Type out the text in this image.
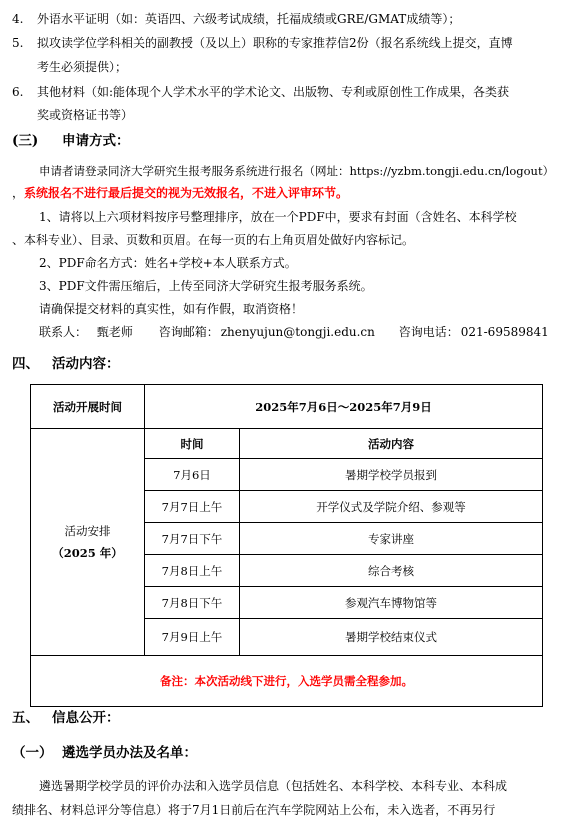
4. 外语水平证明（如：英语四、六级考试成绩，托福成绩或GRE/GMAT成绩等）；
5. 拟攻读学位学科相关的副教授（及以上）职称的专家推荐信2份（报名系统线上提交，直博
考生必须提供）；
6. 其他材料（如:能体现个人学术水平的学术论文、出版物、专利或原创性工作成果，各类获
奖或资格证书等）
(三) 申请方式：
申请者请登录同济大学研究生报考服务系统进行报名（网址：https://yzbm.tongji.edu.cn/logout）
，系统报名不进行最后提交的视为无效报名，不进入评审环节。
1、请将以上六项材料按序号整理排序，放在一个PDF中，要求有封面（含姓名、本科学校
、本科专业）、目录、页数和页眉。在每一页的右上角页眉处做好内容标记。
2、PDF命名方式：姓名+学校+本人联系方式。
3、PDF文件需压缩后，上传至同济大学研究生报考服务系统。
请确保提交材料的真实性，如有作假，取消资格！
联系人： 甄老师 咨询邮箱： zhenyujun@tongji.edu.cn 咨询电话： 021-69589841
四、 活动内容：
活动开展时间	2025年7月6日～2025年7月9日	

活动安排
（2025 年）	时间	活动内容
	7月6日	暑期学校学员报到
	7月7日上午	开学仪式及学院介绍、参观等
	7月7日下午	专家讲座
	7月8日上午	综合考核
	7月8日下午	参观汽车博物馆等
	7月9日上午	暑期学校结束仪式
备注：本次活动线下进行，入选学员需全程参加。		
五、 信息公开：
（一） 遴选学员办法及名单：
遴选暑期学校学员的评价办法和入选学员信息（包括姓名、本科学校、本科专业、本科成
绩排名、材料总评分等信息）将于7月1日前后在汽车学院网站上公布，未入选者，不再另行
